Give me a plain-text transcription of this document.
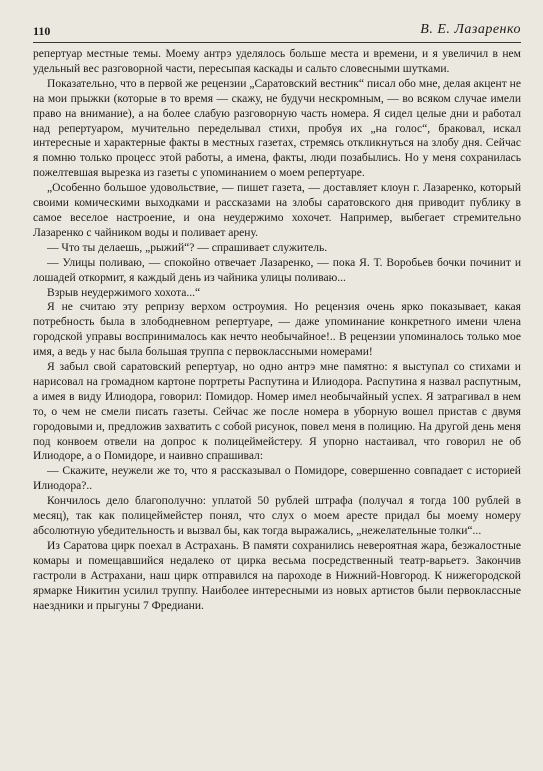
110	В. Е. Лазаренко

репертуар местные темы. Моему антрэ уделялось больше места и времени, и я увеличил в нем удельный вес разговорной части, пересыпая каскады и сальто словесными шутками.

Показательно, что в первой же рецензии „Саратовский вестник“ писал обо мне, делая акцент не на мои прыжки (которые в то время — скажу, не будучи нескромным, — во всяком случае имели право на внимание), а на более слабую разговорную часть номера. Я сидел целые дни и работал над репертуаром, мучительно переделывал стихи, пробуя их „на голос“, браковал, искал интересные и характерные факты в местных газетах, стремясь откликнуться на злобу дня. Сейчас я помню только процесс этой работы, а имена, факты, люди позабылись. Но у меня сохранилась пожелтевшая вырезка из газеты с упоминанием о моем репертуаре.

„Особенно большое удовольствие, — пишет газета, — доставляет клоун г. Лазаренко, который своими комическими выходками и рассказами на злобы саратовского дня приводит публику в самое веселое настроение, и она неудержимо хохочет. Например, выбегает стремительно Лазаренко с чайником воды и поливает арену.

— Что ты делаешь, „рыжий“? — спрашивает служитель.

— Улицы поливаю, — спокойно отвечает Лазаренко, — пока Я. Т. Воробьев бочки починит и лошадей откормит, я каждый день из чайника улицы поливаю...

Взрыв неудержимого хохота...“

Я не считаю эту репризу верхом остроумия. Но рецензия очень ярко показывает, какая потребность была в злободневном репертуаре, — даже упоминание конкретного имени члена городской управы воспринималось как нечто необычайное!.. В рецензии упоминалось только мое имя, а ведь у нас была большая труппа с первоклассными номерами!

Я забыл свой саратовский репертуар, но одно антрэ мне памятно: я выступал со стихами и нарисовал на громадном картоне портреты Распутина и Илиодора. Распутина я назвал распутным, а имея в виду Илиодора, говорил: Помидор. Номер имел необычайный успех. Я затрагивал в нем то, о чем не смели писать газеты. Сейчас же после номера в уборную вошел пристав с двумя городовыми и, предложив захватить с собой рисунок, повел меня в полицию. На другой день меня под конвоем отвели на допрос к полицеймейстеру. Я упорно настаивал, что говорил не об Илиодоре, а о Помидоре, и наивно спрашивал:

— Скажите, неужели же то, что я рассказывал о Помидоре, совершенно совпадает с историей Илиодора?..

Кончилось дело благополучно: уплатой 50 рублей штрафа (получал я тогда 100 рублей в месяц), так как полицеймейстер понял, что слух о моем аресте придал бы моему номеру абсолютную убедительность и вызвал бы, как тогда выражались, „нежелательные толки“...

Из Саратова цирк поехал в Астрахань. В памяти сохранились невероятная жара, безжалостные комары и помещавшийся недалеко от цирка весьма посредственный театр-варьетэ. Закончив гастроли в Астрахани, наш цирк отправился на пароходе в Нижний-Новгород. К нижегородской ярмарке Никитин усилил труппу. Наиболее интересными из новых артистов были первоклассные наездники и прыгуны 7 Фредиани.
